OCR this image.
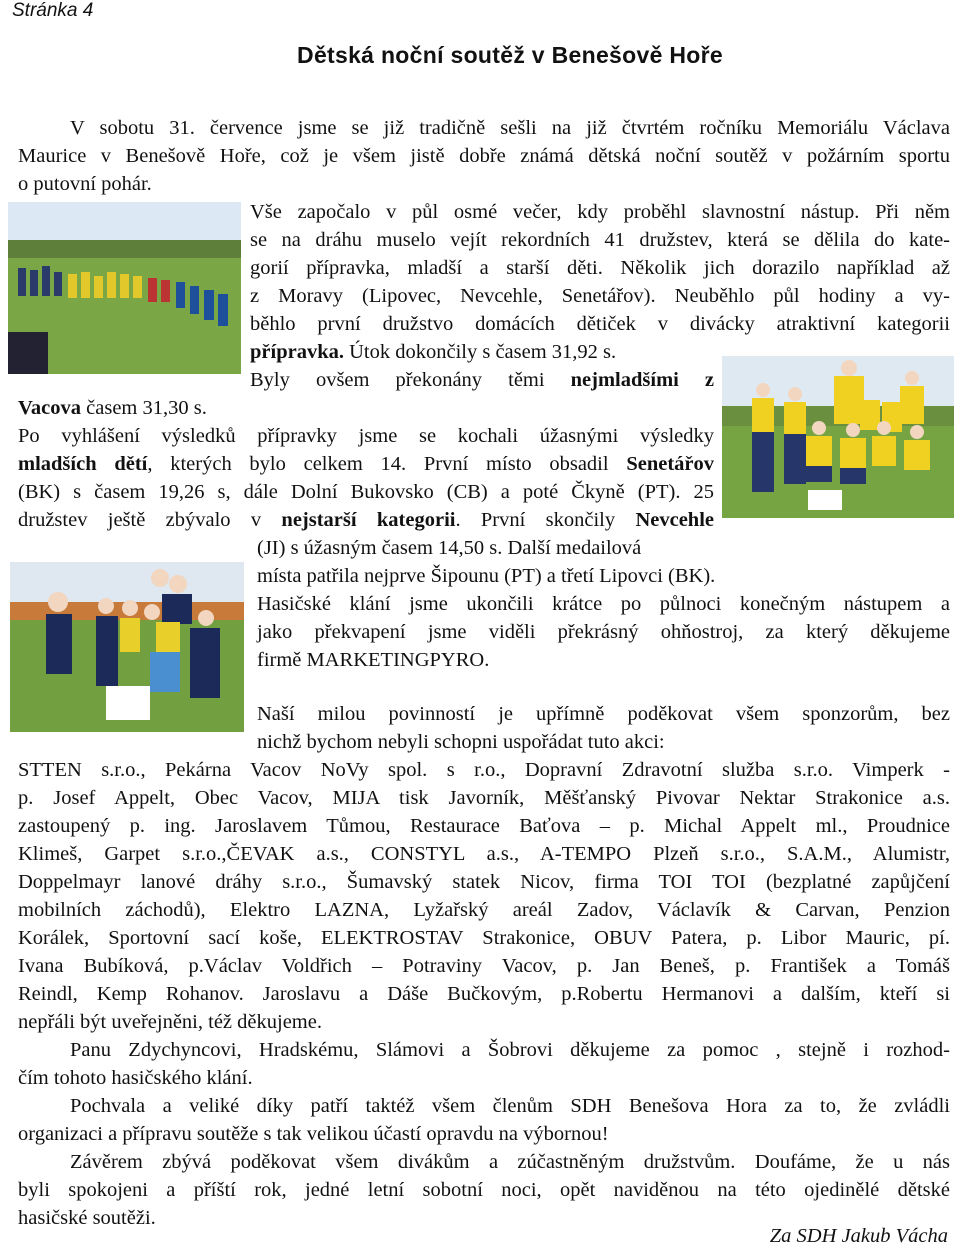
Stránka 4
Dětská noční soutěž v Benešově Hoře
V sobotu 31. července jsme se již tradičně sešli na již čtvrtém ročníku Memoriálu Václava
Maurice v Benešově Hoře, což je všem jistě dobře známá dětská noční soutěž v požárním sportu
o putovní pohár.
Vše započalo v půl osmé večer, kdy proběhl slavnostní nástup. Při něm
se na dráhu muselo vejít rekordních 41 družstev, která se dělila do kate-
gorií přípravka, mladší a starší děti. Několik jich dorazilo například až
z Moravy (Lipovec, Nevcehle, Senetářov). Neuběhlo půl hodiny a vy-
běhlo první družstvo domácích dětiček v divácky atraktivní kategorii
přípravka. Útok dokončily s časem 31,92 s.
Byly ovšem překonány těmi nejmladšími z
Vacova časem 31,30 s.
Po vyhlášení výsledků přípravky jsme se kochali úžasnými výsledky
mladších dětí, kterých bylo celkem 14. První místo obsadil Senetářov
(BK) s časem 19,26 s, dále Dolní Bukovsko (CB) a poté Čkyně (PT). 25
družstev ještě zbývalo v nejstarší kategorii. První skončily Nevcehle
(JI) s úžasným časem 14,50 s. Další medailová
místa patřila nejprve Šipounu (PT) a třetí Lipovci (BK).
Hasičské klání jsme ukončili krátce po půlnoci konečným nástupem a
jako překvapení jsme viděli překrásný ohňostroj, za který děkujeme
firmě MARKETINGPYRO.
Naší milou povinností je upřímně poděkovat všem sponzorům, bez
nichž bychom nebyli schopni uspořádat tuto akci:
STTEN s.r.o., Pekárna Vacov NoVy spol. s r.o., Dopravní Zdravotní služba s.r.o. Vimperk -
p. Josef Appelt, Obec Vacov, MIJA tisk Javorník, Měšťanský Pivovar Nektar Strakonice a.s.
zastoupený p. ing. Jaroslavem Tůmou, Restaurace Baťova – p. Michal Appelt ml., Proudnice
Klimeš, Garpet s.r.o.,ČEVAK a.s., CONSTYL a.s., A-TEMPO Plzeň s.r.o., S.A.M., Alumistr,
Doppelmayr lanové dráhy s.r.o., Šumavský statek Nicov, firma TOI TOI (bezplatné zapůjčení
mobilních záchodů), Elektro LAZNA, Lyžařský areál Zadov, Václavík & Carvan, Penzion
Korálek, Sportovní sací koše, ELEKTROSTAV Strakonice, OBUV Patera, p. Libor Mauric, pí.
Ivana Bubíková, p.Václav Voldřich – Potraviny Vacov, p. Jan Beneš, p. František a Tomáš
Reindl, Kemp Rohanov. Jaroslavu a Dáše Bučkovým, p.Robertu Hermanovi a dalším, kteří si
nepřáli být uveřejněni, též děkujeme.
Panu Zdychyncovi, Hradskému, Slámovi a Šobrovi děkujeme za pomoc , stejně i rozhod-
čím tohoto hasičského klání.
Pochvala a veliké díky patří taktéž všem členům SDH Benešova Hora za to, že zvládli
organizaci a přípravu soutěže s tak velikou účastí opravdu na výbornou!
Závěrem zbývá poděkovat všem divákům a zúčastněným družstvům. Doufáme, že u nás
byli spokojeni a příští rok, jedné letní sobotní noci, opět naviděnou na této ojedinělé dětské
hasičské soutěži.
Za SDH Jakub Vácha
